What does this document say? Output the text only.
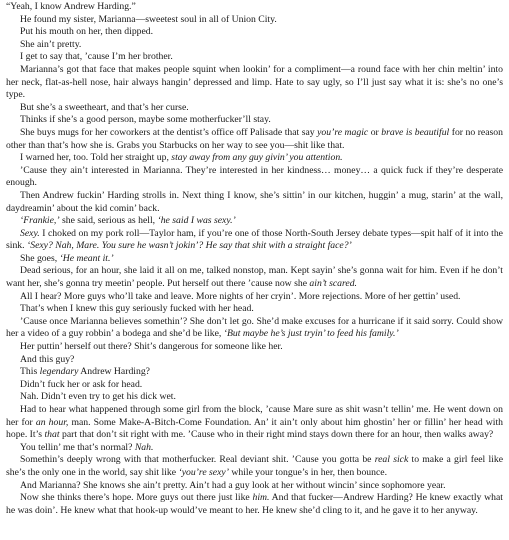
“Yeah, I know Andrew Harding.”

He found my sister, Marianna—sweetest soul in all of Union City.

Put his mouth on her, then dipped.

She ain’t pretty.

I get to say that, ’cause I’m her brother.

Marianna’s got that face that makes people squint when lookin’ for a compliment—a round face with her chin meltin’ into her neck, flat-as-hell nose, hair always hangin’ depressed and limp. Hate to say ugly, so I’ll just say what it is: she’s no one’s type.

But she’s a sweetheart, and that’s her curse.

Thinks if she’s a good person, maybe some motherfucker’ll stay.

She buys mugs for her coworkers at the dentist’s office off Palisade that say you’re magic or brave is beautiful for no reason other than that’s how she is. Grabs you Starbucks on her way to see you—shit like that.

I warned her, too. Told her straight up, stay away from any guy givin’ you attention.

’Cause they ain’t interested in Marianna. They’re interested in her kindness… money… a quick fuck if they’re desperate enough.

Then Andrew fuckin’ Harding strolls in. Next thing I know, she’s sittin’ in our kitchen, huggin’ a mug, starin’ at the wall, daydreamin’ about the kid comin’ back.

‘Frankie,’ she said, serious as hell, ‘he said I was sexy.’

Sexy. I choked on my pork roll—Taylor ham, if you’re one of those North-South Jersey debate types—spit half of it into the sink. ‘Sexy? Nah, Mare. You sure he wasn’t jokin’? He say that shit with a straight face?’

She goes, ‘He meant it.’

Dead serious, for an hour, she laid it all on me, talked nonstop, man. Kept sayin’ she’s gonna wait for him. Even if he don’t want her, she’s gonna try meetin’ people. Put herself out there ’cause now she ain’t scared.

All I hear? More guys who’ll take and leave. More nights of her cryin’. More rejections. More of her gettin’ used.

That’s when I knew this guy seriously fucked with her head.

’Cause once Marianna believes somethin’? She don’t let go. She’d make excuses for a hurricane if it said sorry. Could show her a video of a guy robbin’ a bodega and she’d be like, ‘But maybe he’s just tryin’ to feed his family.’

Her puttin’ herself out there? Shit’s dangerous for someone like her.

And this guy?

This legendary Andrew Harding?

Didn’t fuck her or ask for head.

Nah. Didn’t even try to get his dick wet.

Had to hear what happened through some girl from the block, ’cause Mare sure as shit wasn’t tellin’ me. He went down on her for an hour, man. Some Make-A-Bitch-Come Foundation. An’ it ain’t only about him ghostin’ her or fillin’ her head with hope. It’s that part that don’t sit right with me. ’Cause who in their right mind stays down there for an hour, then walks away?

You tellin’ me that’s normal? Nah.

Somethin’s deeply wrong with that motherfucker. Real deviant shit. ’Cause you gotta be real sick to make a girl feel like she’s the only one in the world, say shit like ‘you’re sexy’ while your tongue’s in her, then bounce.

And Marianna? She knows she ain’t pretty. Ain’t had a guy look at her without wincin’ since sophomore year.

Now she thinks there’s hope. More guys out there just like him. And that fucker—Andrew Harding? He knew exactly what he was doin’. He knew what that hook-up would’ve meant to her. He knew she’d cling to it, and he gave it to her anyway.
